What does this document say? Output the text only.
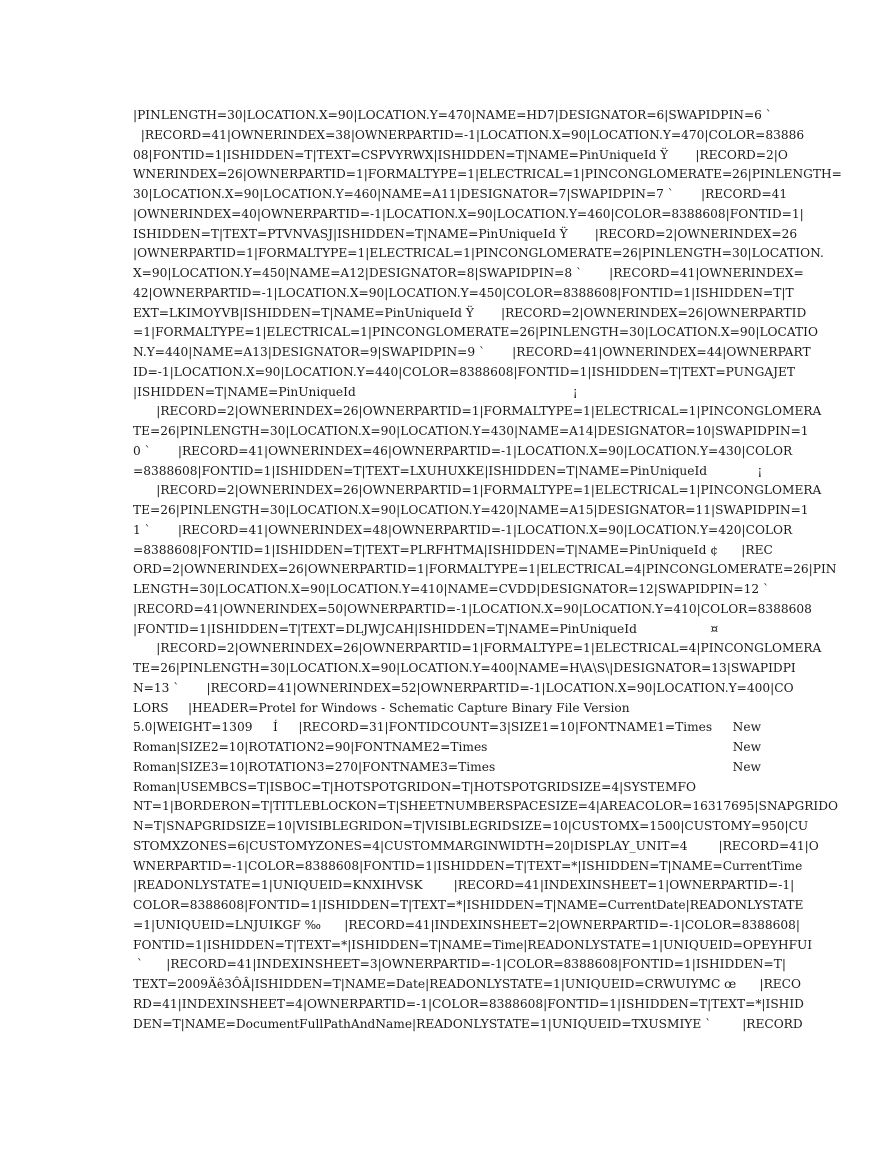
|PINLENGTH=30|LOCATION.X=90|LOCATION.Y=470|NAME=HD7|DESIGNATOR=6|SWAPIDPIN=6 `
|RECORD=41|OWNERINDEX=38|OWNERPARTID=-1|LOCATION.X=90|LOCATION.Y=470|COLOR=83886
08|FONTID=1|ISHIDDEN=T|TEXT=CSPVYRWX|ISHIDDEN=T|NAME=PinUniqueId Ÿ       |RECORD=2|O
WNERINDEX=26|OWNERPARTID=1|FORMALTYPE=1|ELECTRICAL=1|PINCONGLOMERATE=26|PINLENGTH=
30|LOCATION.X=90|LOCATION.Y=460|NAME=A11|DESIGNATOR=7|SWAPIDPIN=7 `       |RECORD=41
|OWNERINDEX=40|OWNERPARTID=-1|LOCATION.X=90|LOCATION.Y=460|COLOR=8388608|FONTID=1|
ISHIDDEN=T|TEXT=PTVNVASJ|ISHIDDEN=T|NAME=PinUniqueId Ÿ       |RECORD=2|OWNERINDEX=26
|OWNERPARTID=1|FORMALTYPE=1|ELECTRICAL=1|PINCONGLOMERATE=26|PINLENGTH=30|LOCATION.
X=90|LOCATION.Y=450|NAME=A12|DESIGNATOR=8|SWAPIDPIN=8 `       |RECORD=41|OWNERINDEX=
42|OWNERPARTID=-1|LOCATION.X=90|LOCATION.Y=450|COLOR=8388608|FONTID=1|ISHIDDEN=T|T
EXT=LKIMOYVB|ISHIDDEN=T|NAME=PinUniqueId Ÿ       |RECORD=2|OWNERINDEX=26|OWNERPARTID
=1|FORMALTYPE=1|ELECTRICAL=1|PINCONGLOMERATE=26|PINLENGTH=30|LOCATION.X=90|LOCATIO
N.Y=440|NAME=A13|DESIGNATOR=9|SWAPIDPIN=9 `       |RECORD=41|OWNERINDEX=44|OWNERPART
ID=-1|LOCATION.X=90|LOCATION.Y=440|COLOR=8388608|FONTID=1|ISHIDDEN=T|TEXT=PUNGAJET
|ISHIDDEN=T|NAME=PinUniqueId                                                        ¡
|RECORD=2|OWNERINDEX=26|OWNERPARTID=1|FORMALTYPE=1|ELECTRICAL=1|PINCONGLOMERA
TE=26|PINLENGTH=30|LOCATION.X=90|LOCATION.Y=430|NAME=A14|DESIGNATOR=10|SWAPIDPIN=1
0 `       |RECORD=41|OWNERINDEX=46|OWNERPARTID=-1|LOCATION.X=90|LOCATION.Y=430|COLOR
=8388608|FONTID=1|ISHIDDEN=T|TEXT=LXUHUXKE|ISHIDDEN=T|NAME=PinUniqueId             ¡
|RECORD=2|OWNERINDEX=26|OWNERPARTID=1|FORMALTYPE=1|ELECTRICAL=1|PINCONGLOMERA
TE=26|PINLENGTH=30|LOCATION.X=90|LOCATION.Y=420|NAME=A15|DESIGNATOR=11|SWAPIDPIN=1
1 `       |RECORD=41|OWNERINDEX=48|OWNERPARTID=-1|LOCATION.X=90|LOCATION.Y=420|COLOR
=8388608|FONTID=1|ISHIDDEN=T|TEXT=PLRFHTMA|ISHIDDEN=T|NAME=PinUniqueId ¢      |REC
ORD=2|OWNERINDEX=26|OWNERPARTID=1|FORMALTYPE=1|ELECTRICAL=4|PINCONGLOMERATE=26|PIN
LENGTH=30|LOCATION.X=90|LOCATION.Y=410|NAME=CVDD|DESIGNATOR=12|SWAPIDPIN=12 `
|RECORD=41|OWNERINDEX=50|OWNERPARTID=-1|LOCATION.X=90|LOCATION.Y=410|COLOR=8388608
|FONTID=1|ISHIDDEN=T|TEXT=DLJWJCAH|ISHIDDEN=T|NAME=PinUniqueId                   ¤
|RECORD=2|OWNERINDEX=26|OWNERPARTID=1|FORMALTYPE=1|ELECTRICAL=4|PINCONGLOMERA
TE=26|PINLENGTH=30|LOCATION.X=90|LOCATION.Y=400|NAME=H\A\S\|DESIGNATOR=13|SWAPIDPI
N=13 `       |RECORD=41|OWNERINDEX=52|OWNERPARTID=-1|LOCATION.X=90|LOCATION.Y=400|CO
LORS     |HEADER=Protel for Windows - Schematic Capture Binary File Version
5.0|WEIGHT=1309 Í |RECORD=31|FONTIDCOUNT=3|SIZE1=10|FONTNAME1=Times New
Roman|SIZE2=10|ROTATION2=90|FONTNAME2=Times New
Roman|SIZE3=10|ROTATION3=270|FONTNAME3=Times New
Roman|USEMBCS=T|ISBOC=T|HOTSPOTGRIDON=T|HOTSPOTGRIDSIZE=4|SYSTEMFO
NT=1|BORDERON=T|TITLEBLOCKON=T|SHEETNUMBERSPACESIZE=4|AREACOLOR=16317695|SNAPGRIDO
N=T|SNAPGRIDSIZE=10|VISIBLEGRIDON=T|VISIBLEGRIDSIZE=10|CUSTOMX=1500|CUSTOMY=950|CU
STOMXZONES=6|CUSTOMYZONES=4|CUSTOMMARGINWIDTH=20|DISPLAY_UNIT=4        |RECORD=41|O
WNERPARTID=-1|COLOR=8388608|FONTID=1|ISHIDDEN=T|TEXT=*|ISHIDDEN=T|NAME=CurrentTime
|READONLYSTATE=1|UNIQUEID=KNXIHVSK        |RECORD=41|INDEXINSHEET=1|OWNERPARTID=-1|
COLOR=8388608|FONTID=1|ISHIDDEN=T|TEXT=*|ISHIDDEN=T|NAME=CurrentDate|READONLYSTATE
=1|UNIQUEID=LNJUIKGF ‰      |RECORD=41|INDEXINSHEET=2|OWNERPARTID=-1|COLOR=8388608|
FONTID=1|ISHIDDEN=T|TEXT=*|ISHIDDEN=T|NAME=Time|READONLYSTATE=1|UNIQUEID=OPEYHFUI
`      |RECORD=41|INDEXINSHEET=3|OWNERPARTID=-1|COLOR=8388608|FONTID=1|ISHIDDEN=T|
TEXT=2009Äê3ÔÂ|ISHIDDEN=T|NAME=Date|READONLYSTATE=1|UNIQUEID=CRWUIYMC œ      |RECO
RD=41|INDEXINSHEET=4|OWNERPARTID=-1|COLOR=8388608|FONTID=1|ISHIDDEN=T|TEXT=*|ISHID
DEN=T|NAME=DocumentFullPathAndName|READONLYSTATE=1|UNIQUEID=TXUSMIYE `        |RECORD
